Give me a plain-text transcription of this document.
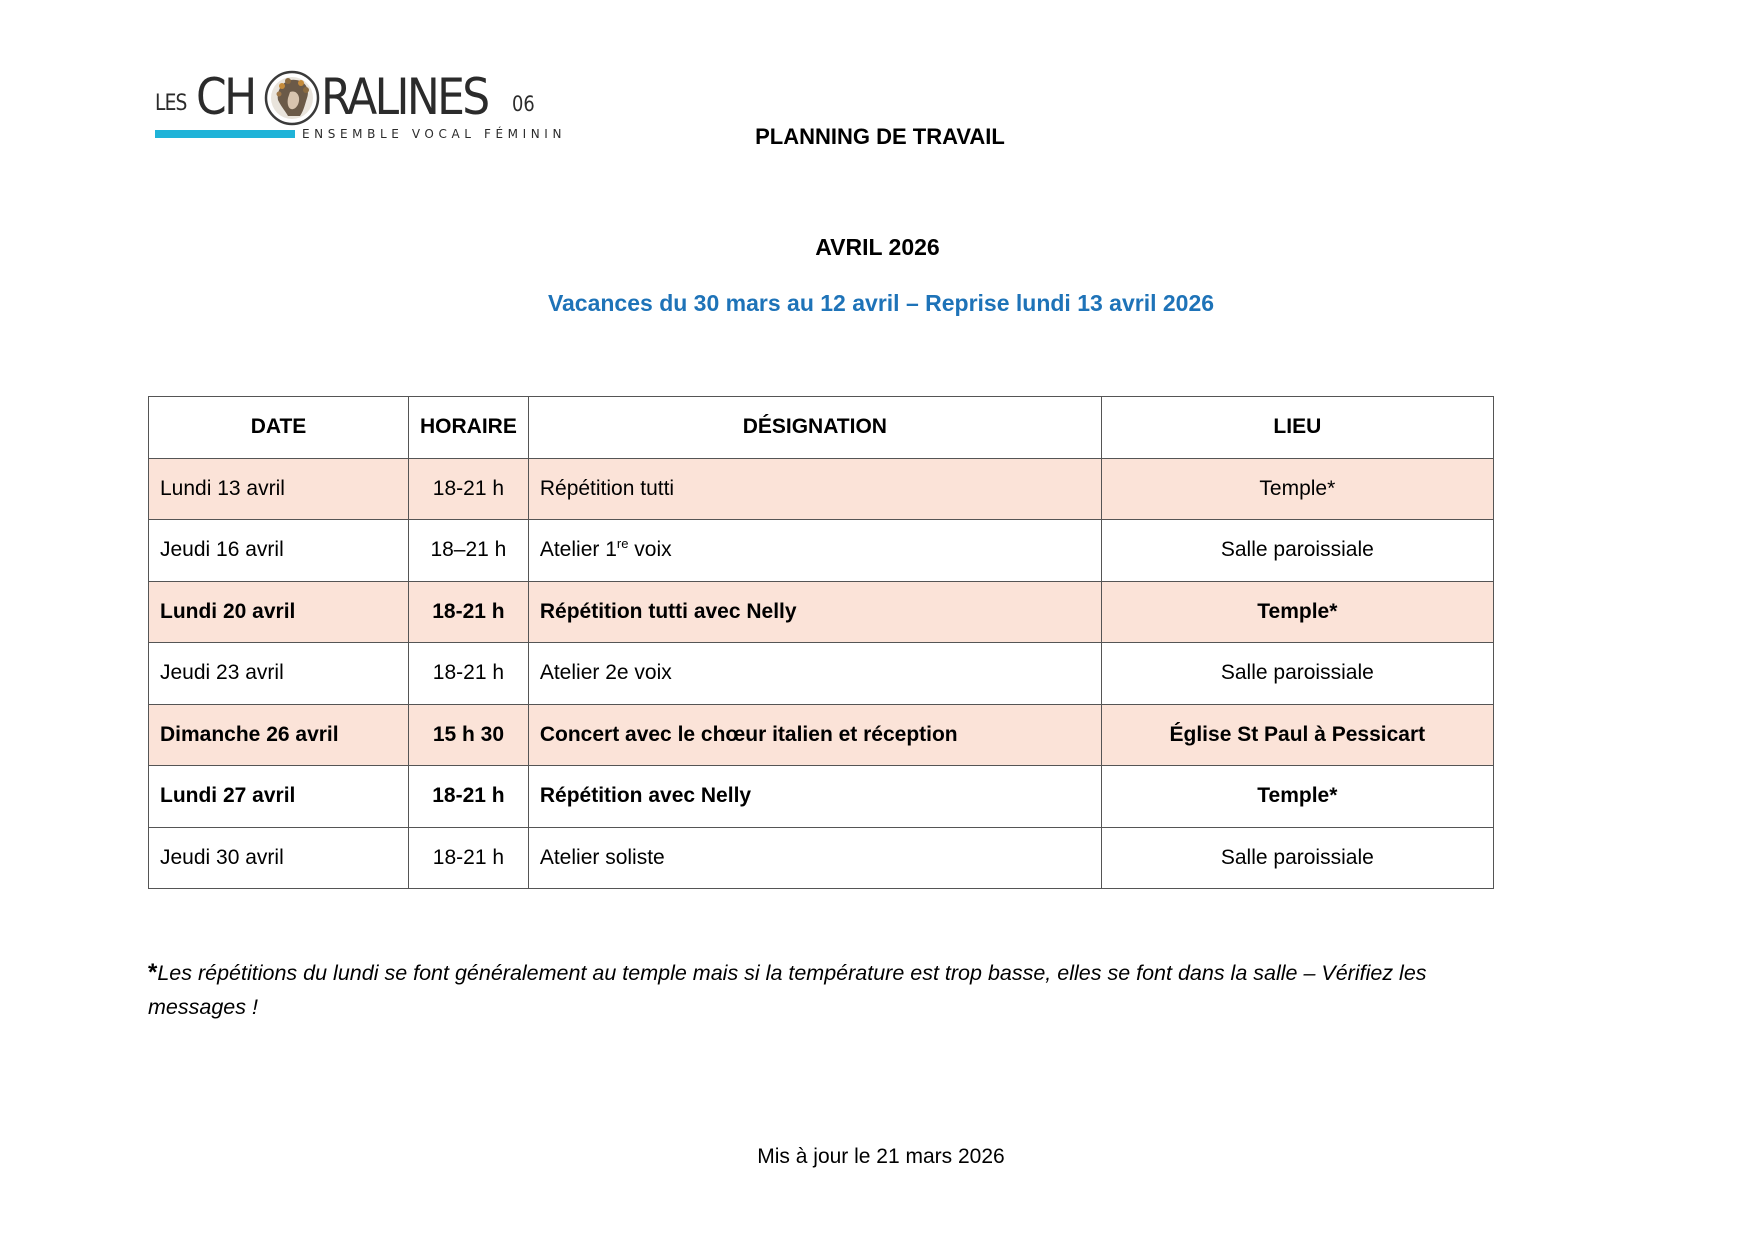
LES CH RALINES 06
ENSEMBLE VOCAL FÉMININ	PLANNING DE TRAVAIL
AVRIL 2026
Vacances du 30 mars au 12 avril – Reprise lundi 13 avril 2026
DATE	HORAIRE	DÉSIGNATION	LIEU
Lundi 13 avril	18-21 h	Répétition tutti	Temple*
Jeudi 16 avril	18–21 h	Atelier 1re voix	Salle paroissiale
Lundi 20 avril	18-21 h	Répétition tutti avec Nelly	Temple*
Jeudi 23 avril	18-21 h	Atelier 2e voix	Salle paroissiale
Dimanche 26 avril	15 h 30	Concert avec le chœur italien et réception	Église St Paul à Pessicart
Lundi 27 avril	18-21 h	Répétition avec Nelly	Temple*
Jeudi 30 avril	18-21 h	Atelier soliste	Salle paroissiale
*Les répétitions du lundi se font généralement au temple mais si la température est trop basse, elles se font dans la salle – Vérifiez les messages !
Mis à jour le 21 mars 2026
